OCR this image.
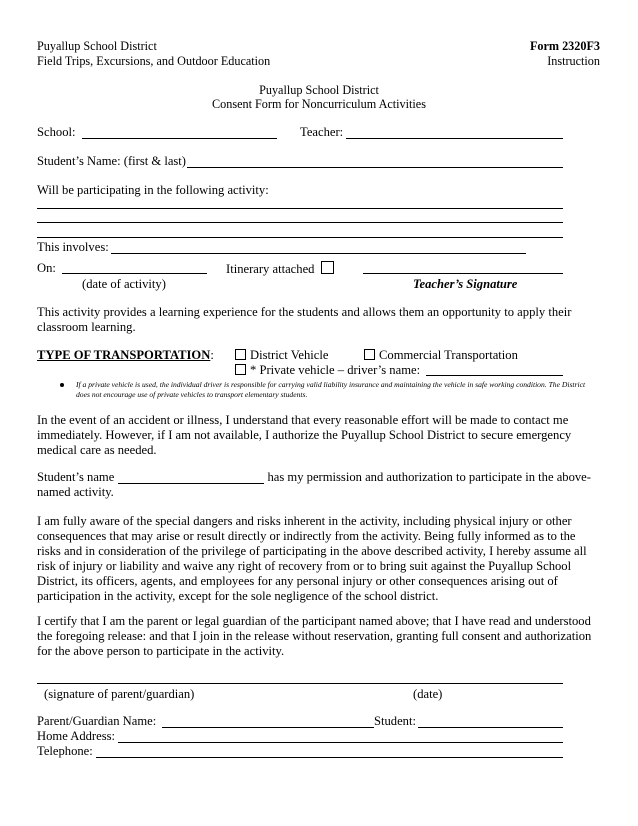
Puyallup School District
Field Trips, Excursions, and Outdoor Education
Form 2320F3
Instruction
Puyallup School District
Consent Form for Noncurriculum Activities
School:	Teacher:
Student’s Name: (first & last)
Will be participating in the following activity:
This involves:
On:	Itinerary attached
(date of activity)	Teacher’s Signature
This activity provides a learning experience for the students and allows them an opportunity to apply their classroom learning.
TYPE OF TRANSPORTATION:	District Vehicle	Commercial Transportation
* Private vehicle – driver’s name:
If a private vehicle is used, the individual driver is responsible for carrying valid liability insurance and maintaining the vehicle in safe working condition. The District does not encourage use of private vehicles to transport elementary students.
In the event of an accident or illness, I understand that every reasonable effort will be made to contact me immediately. However, if I am not available, I authorize the Puyallup School District to secure emergency medical care as needed.
Student’s name	has my permission and authorization to participate in the above-named activity.
I am fully aware of the special dangers and risks inherent in the activity, including physical injury or other consequences that may arise or result directly or indirectly from the activity. Being fully informed as to the risks and in consideration of the privilege of participating in the above described activity, I hereby assume all risk of injury or liability and waive any right of recovery from or to bring suit against the Puyallup School District, its officers, agents, and employees for any personal injury or other consequences arising out of participation in the activity, except for the sole negligence of the school district.
I certify that I am the parent or legal guardian of the participant named above; that I have read and understood the foregoing release: and that I join in the release without reservation, granting full consent and authorization for the above person to participate in the activity.
(signature of parent/guardian)	(date)
Parent/Guardian Name:	Student:
Home Address:
Telephone:
